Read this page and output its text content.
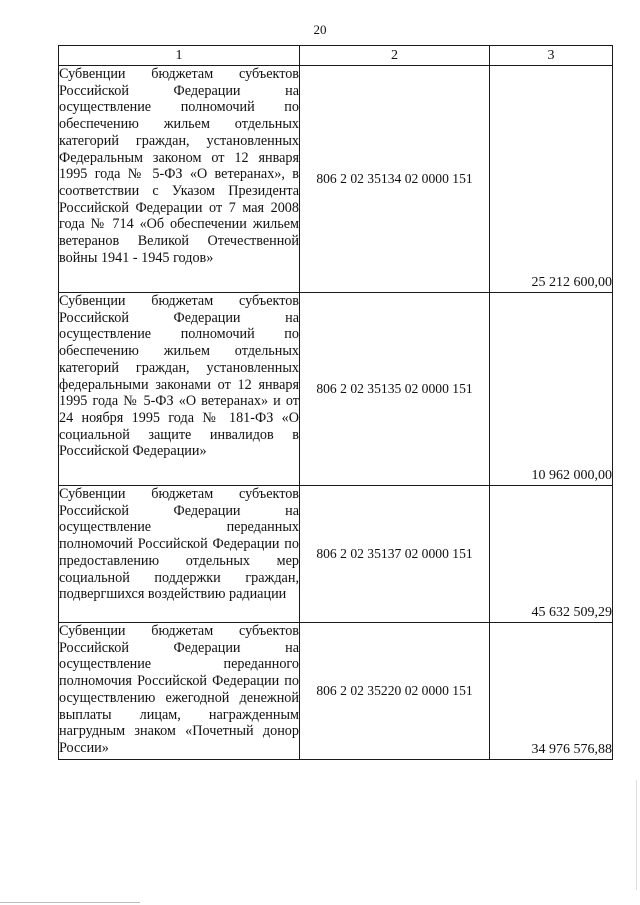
20
1	2	3
Субвенции бюджетам субъектов Российской Федерации на осуществление полномочий по обеспечению жильем отдельных категорий граждан, установленных Федеральным законом от 12 января 1995 года № 5-ФЗ «О ветеранах», в соответствии с Указом Президента Российской Федерации от 7 мая 2008 года № 714 «Об обеспечении жильем ветеранов Великой Отечественной войны 1941 - 1945 годов»	806 2 02 35134 02 0000 151	25 212 600,00
Субвенции бюджетам субъектов Российской Федерации на осуществление полномочий по обеспечению жильем отдельных категорий граждан, установленных федеральными законами от 12 января 1995 года № 5-ФЗ «О ветеранах» и от 24 ноября 1995 года № 181-ФЗ «О социальной защите инвалидов в Российской Федерации»	806 2 02 35135 02 0000 151	10 962 000,00
Субвенции бюджетам субъектов Российской Федерации на осуществление переданных полномочий Российской Федерации по предоставлению отдельных мер социальной поддержки граждан, подвергшихся воздействию радиации	806 2 02 35137 02 0000 151	45 632 509,29
Субвенции бюджетам субъектов Российской Федерации на осуществление переданного полномочия Российской Федерации по осуществлению ежегодной денежной выплаты лицам, награжденным нагрудным знаком «Почетный донор России»	806 2 02 35220 02 0000 151	34 976 576,88
